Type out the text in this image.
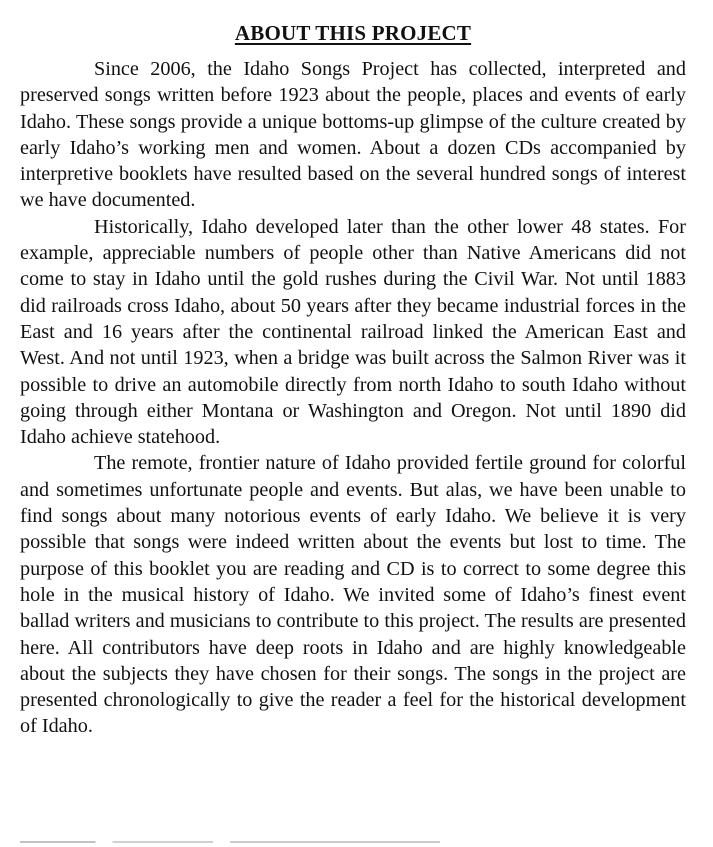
ABOUT THIS PROJECT

Since 2006, the Idaho Songs Project has collected, interpreted and preserved songs written before 1923 about the people, places and events of early Idaho. These songs provide a unique bottoms-up glimpse of the culture created by early Idaho’s working men and women. About a dozen CDs accompanied by interpretive booklets have resulted based on the several hundred songs of interest we have documented.

Historically, Idaho developed later than the other lower 48 states. For example, appreciable numbers of people other than Native Americans did not come to stay in Idaho until the gold rushes during the Civil War. Not until 1883 did railroads cross Idaho, about 50 years after they became industrial forces in the East and 16 years after the continental railroad linked the American East and West. And not until 1923, when a bridge was built across the Salmon River was it possible to drive an automobile directly from north Idaho to south Idaho without going through either Montana or Washington and Oregon. Not until 1890 did Idaho achieve statehood.

The remote, frontier nature of Idaho provided fertile ground for colorful and sometimes unfortunate people and events. But alas, we have been unable to find songs about many notorious events of early Idaho. We believe it is very possible that songs were indeed written about the events but lost to time. The purpose of this booklet you are reading and CD is to correct to some degree this hole in the musical history of Idaho. We invited some of Idaho’s finest event ballad writers and musicians to contribute to this project. The results are presented here. All contributors have deep roots in Idaho and are highly knowledgeable about the subjects they have chosen for their songs. The songs in the project are presented chronologically to give the reader a feel for the historical development of Idaho.
